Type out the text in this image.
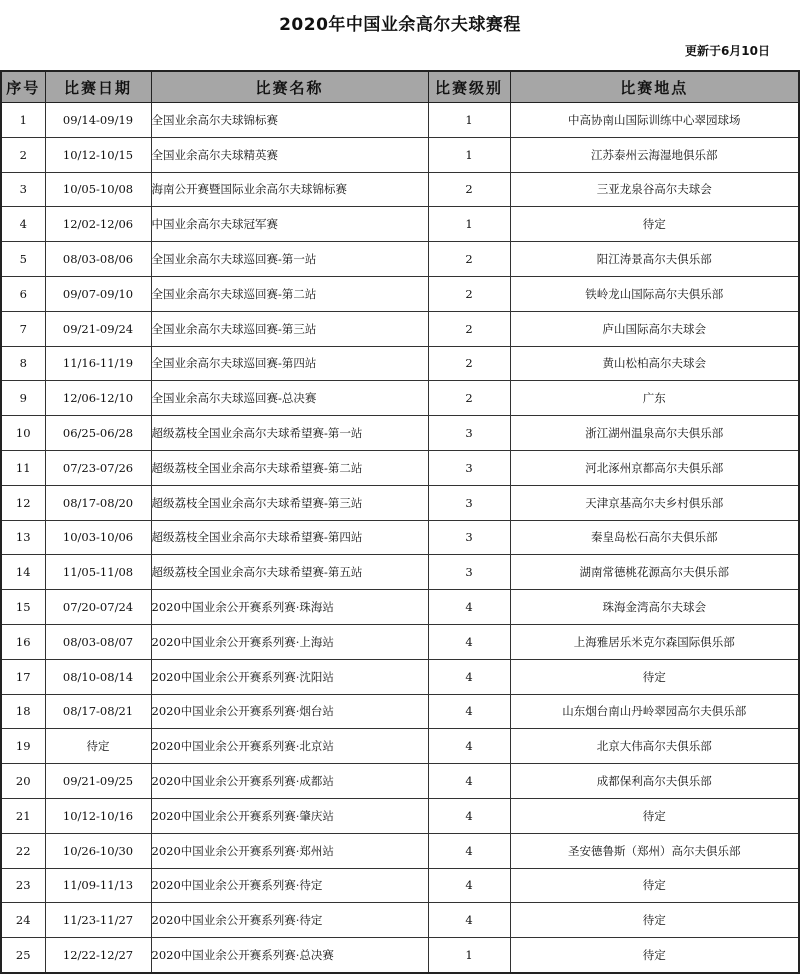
2020年中国业余高尔夫球赛程
更新于6月10日
序号	比赛日期	比赛名称	比赛级别	比赛地点
1	09/14-09/19	全国业余高尔夫球锦标赛	1	中高协南山国际训练中心翠园球场
2	10/12-10/15	全国业余高尔夫球精英赛	1	江苏泰州云海湿地俱乐部
3	10/05-10/08	海南公开赛暨国际业余高尔夫球锦标赛	2	三亚龙泉谷高尔夫球会
4	12/02-12/06	中国业余高尔夫球冠军赛	1	待定
5	08/03-08/06	全国业余高尔夫球巡回赛-第一站	2	阳江涛景高尔夫俱乐部
6	09/07-09/10	全国业余高尔夫球巡回赛-第二站	2	铁岭龙山国际高尔夫俱乐部
7	09/21-09/24	全国业余高尔夫球巡回赛-第三站	2	庐山国际高尔夫球会
8	11/16-11/19	全国业余高尔夫球巡回赛-第四站	2	黄山松柏高尔夫球会
9	12/06-12/10	全国业余高尔夫球巡回赛-总决赛	2	广东
10	06/25-06/28	超级荔枝全国业余高尔夫球希望赛-第一站	3	浙江湖州温泉高尔夫俱乐部
11	07/23-07/26	超级荔枝全国业余高尔夫球希望赛-第二站	3	河北涿州京都高尔夫俱乐部
12	08/17-08/20	超级荔枝全国业余高尔夫球希望赛-第三站	3	天津京基高尔夫乡村俱乐部
13	10/03-10/06	超级荔枝全国业余高尔夫球希望赛-第四站	3	秦皇岛松石高尔夫俱乐部
14	11/05-11/08	超级荔枝全国业余高尔夫球希望赛-第五站	3	湖南常德桃花源高尔夫俱乐部
15	07/20-07/24	2020中国业余公开赛系列赛·珠海站	4	珠海金湾高尔夫球会
16	08/03-08/07	2020中国业余公开赛系列赛·上海站	4	上海雅居乐米克尔森国际俱乐部
17	08/10-08/14	2020中国业余公开赛系列赛·沈阳站	4	待定
18	08/17-08/21	2020中国业余公开赛系列赛·烟台站	4	山东烟台南山丹岭翠园高尔夫俱乐部
19	待定	2020中国业余公开赛系列赛·北京站	4	北京大伟高尔夫俱乐部
20	09/21-09/25	2020中国业余公开赛系列赛·成都站	4	成都保利高尔夫俱乐部
21	10/12-10/16	2020中国业余公开赛系列赛·肇庆站	4	待定
22	10/26-10/30	2020中国业余公开赛系列赛·郑州站	4	圣安德鲁斯（郑州）高尔夫俱乐部
23	11/09-11/13	2020中国业余公开赛系列赛·待定	4	待定
24	11/23-11/27	2020中国业余公开赛系列赛·待定	4	待定
25	12/22-12/27	2020中国业余公开赛系列赛·总决赛	1	待定
